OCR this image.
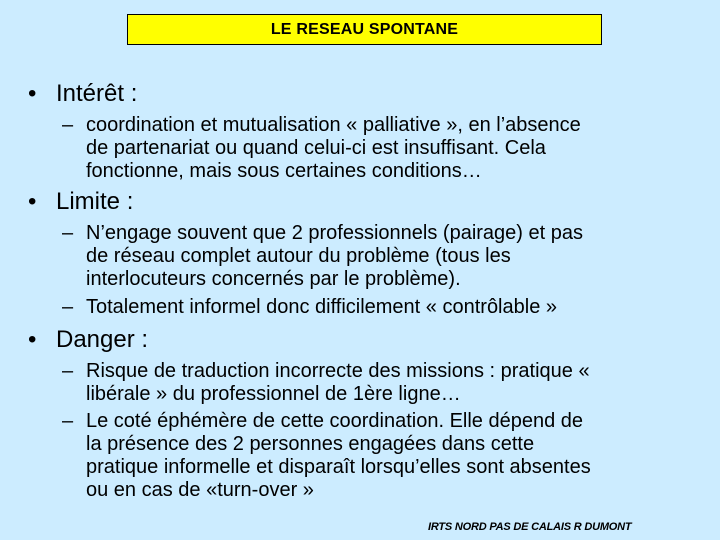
LE RESEAU SPONTANE
• Intérêt :
– coordination et mutualisation « palliative », en l’absence
de partenariat ou quand celui-ci est insuffisant. Cela
fonctionne, mais sous certaines conditions…
• Limite :
– N’engage souvent que 2 professionnels (pairage) et pas
de réseau complet autour du problème (tous les
interlocuteurs concernés par le problème).
– Totalement informel donc difficilement « contrôlable »
• Danger :
– Risque de traduction incorrecte des missions : pratique «
libérale » du professionnel de 1ère ligne…
– Le coté éphémère de cette coordination. Elle dépend de
la présence des 2 personnes engagées dans cette
pratique informelle et disparaît lorsqu’elles sont absentes
ou en cas de «turn-over »
IRTS NORD PAS DE CALAIS R DUMONT
